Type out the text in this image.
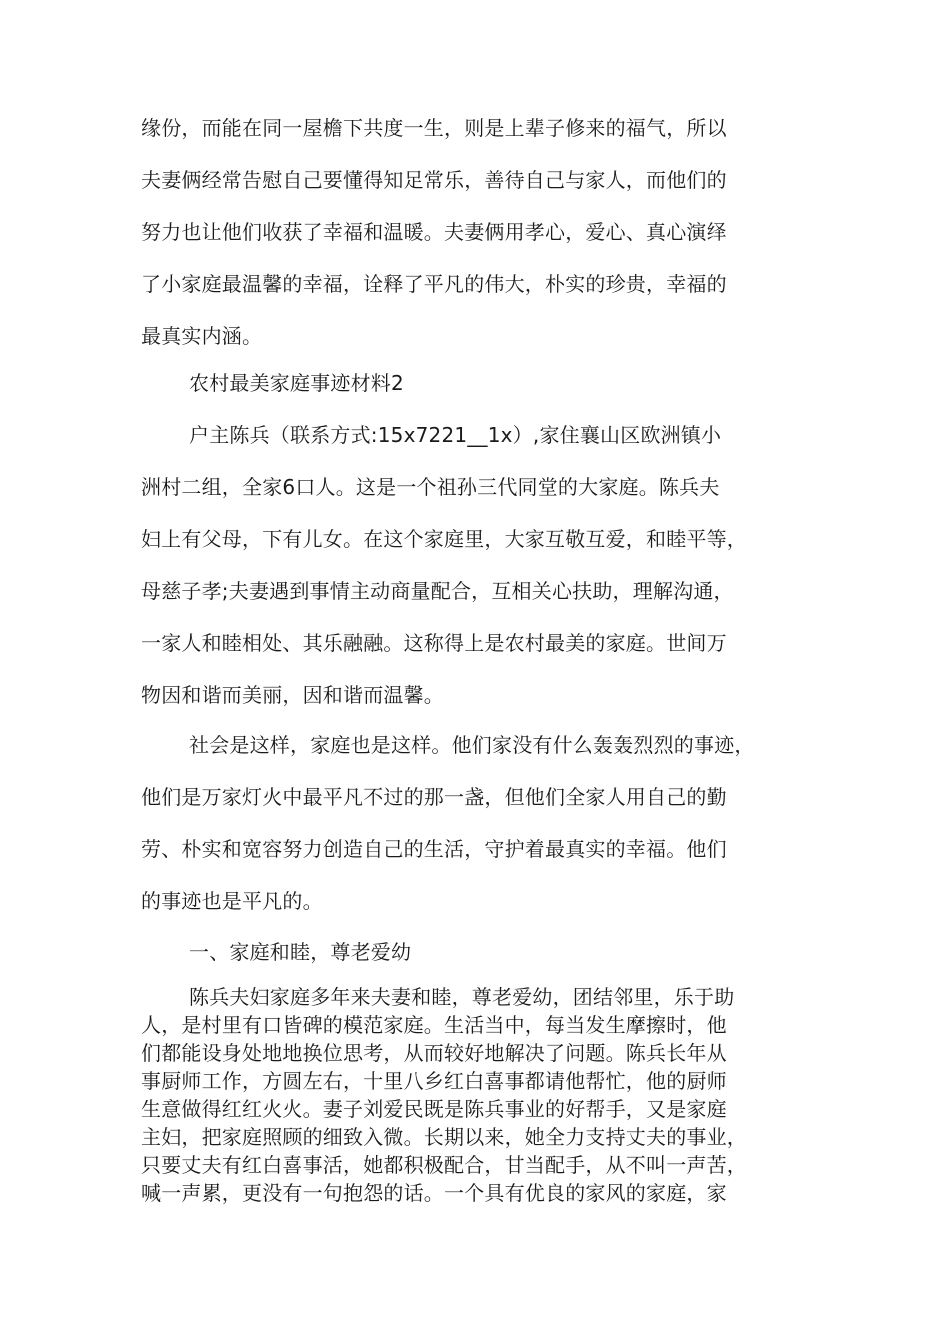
缘份，而能在同一屋檐下共度一生，则是上辈子修来的福气，所以
夫妻俩经常告慰自己要懂得知足常乐，善待自己与家人，而他们的
努力也让他们收获了幸福和温暖。夫妻俩用孝心，爱心、真心演绎
了小家庭最温馨的幸福，诠释了平凡的伟大，朴实的珍贵，幸福的
最真实内涵。
农村最美家庭事迹材料2
户主陈兵（联系方式:15x7221__1x）,家住襄山区欧洲镇小
洲村二组，全家6口人。这是一个祖孙三代同堂的大家庭。陈兵夫
妇上有父母，下有儿女。在这个家庭里，大家互敬互爱，和睦平等，
母慈子孝;夫妻遇到事情主动商量配合，互相关心扶助，理解沟通，
一家人和睦相处、其乐融融。这称得上是农村最美的家庭。世间万
物因和谐而美丽，因和谐而温馨。
社会是这样，家庭也是这样。他们家没有什么轰轰烈烈的事迹，
他们是万家灯火中最平凡不过的那一盏，但他们全家人用自己的勤
劳、朴实和宽容努力创造自己的生活，守护着最真实的幸福。他们
的事迹也是平凡的。
一、家庭和睦，尊老爱幼
陈兵夫妇家庭多年来夫妻和睦，尊老爱幼，团结邻里，乐于助
人，是村里有口皆碑的模范家庭。生活当中，每当发生摩擦时，他
们都能设身处地地换位思考，从而较好地解决了问题。陈兵长年从
事厨师工作，方圆左右，十里八乡红白喜事都请他帮忙，他的厨师
生意做得红红火火。妻子刘爱民既是陈兵事业的好帮手，又是家庭
主妇，把家庭照顾的细致入微。长期以来，她全力支持丈夫的事业，
只要丈夫有红白喜事活，她都积极配合，甘当配手，从不叫一声苦，
喊一声累，更没有一句抱怨的话。一个具有优良的家风的家庭，家
